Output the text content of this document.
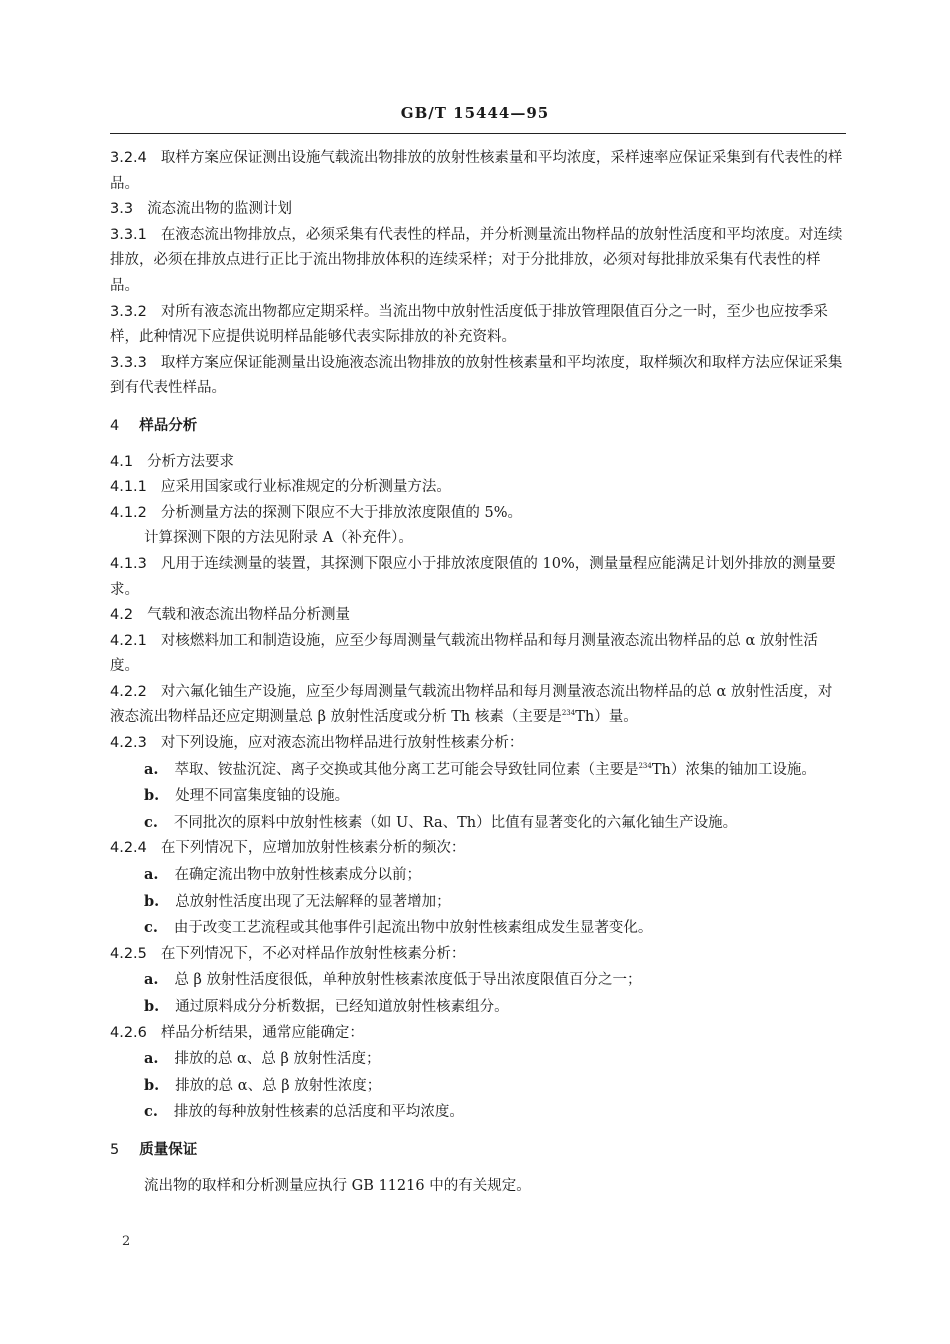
GB/T 15444—95

3.2.4 取样方案应保证测出设施气载流出物排放的放射性核素量和平均浓度，采样速率应保证采集到有代表性的样品。

3.3 流态流出物的监测计划

3.3.1 在液态流出物排放点，必须采集有代表性的样品，并分析测量流出物样品的放射性活度和平均浓度。对连续排放，必须在排放点进行正比于流出物排放体积的连续采样；对于分批排放，必须对每批排放采集有代表性的样品。

3.3.2 对所有液态流出物都应定期采样。当流出物中放射性活度低于排放管理限值百分之一时，至少也应按季采样，此种情况下应提供说明样品能够代表实际排放的补充资料。

3.3.3 取样方案应保证能测量出设施液态流出物排放的放射性核素量和平均浓度，取样频次和取样方法应保证采集到有代表性样品。

4 样品分析

4.1 分析方法要求

4.1.1 应采用国家或行业标准规定的分析测量方法。

4.1.2 分析测量方法的探测下限应不大于排放浓度限值的 5%。

计算探测下限的方法见附录 A（补充件）。

4.1.3 凡用于连续测量的装置，其探测下限应小于排放浓度限值的 10%，测量量程应能满足计划外排放的测量要求。

4.2 气载和液态流出物样品分析测量

4.2.1 对核燃料加工和制造设施，应至少每周测量气载流出物样品和每月测量液态流出物样品的总 α 放射性活度。

4.2.2 对六氟化铀生产设施，应至少每周测量气载流出物样品和每月测量液态流出物样品的总 α 放射性活度，对液态流出物样品还应定期测量总 β 放射性活度或分析 Th 核素（主要是$^{234}$Th）量。

4.2.3 对下列设施，应对液态流出物样品进行放射性核素分析：

a. 萃取、铵盐沉淀、离子交换或其他分离工艺可能会导致钍同位素（主要是$^{234}$Th）浓集的铀加工设施。

b. 处理不同富集度铀的设施。

c. 不同批次的原料中放射性核素（如 U、Ra、Th）比值有显著变化的六氟化铀生产设施。

4.2.4 在下列情况下，应增加放射性核素分析的频次：

a. 在确定流出物中放射性核素成分以前；

b. 总放射性活度出现了无法解释的显著增加；

c. 由于改变工艺流程或其他事件引起流出物中放射性核素组成发生显著变化。

4.2.5 在下列情况下，不必对样品作放射性核素分析：

a. 总 β 放射性活度很低，单种放射性核素浓度低于导出浓度限值百分之一；

b. 通过原料成分分析数据，已经知道放射性核素组分。

4.2.6 样品分析结果，通常应能确定：

a. 排放的总 α、总 β 放射性活度；

b. 排放的总 α、总 β 放射性浓度；

c. 排放的每种放射性核素的总活度和平均浓度。

5 质量保证

流出物的取样和分析测量应执行 GB 11216 中的有关规定。

2
